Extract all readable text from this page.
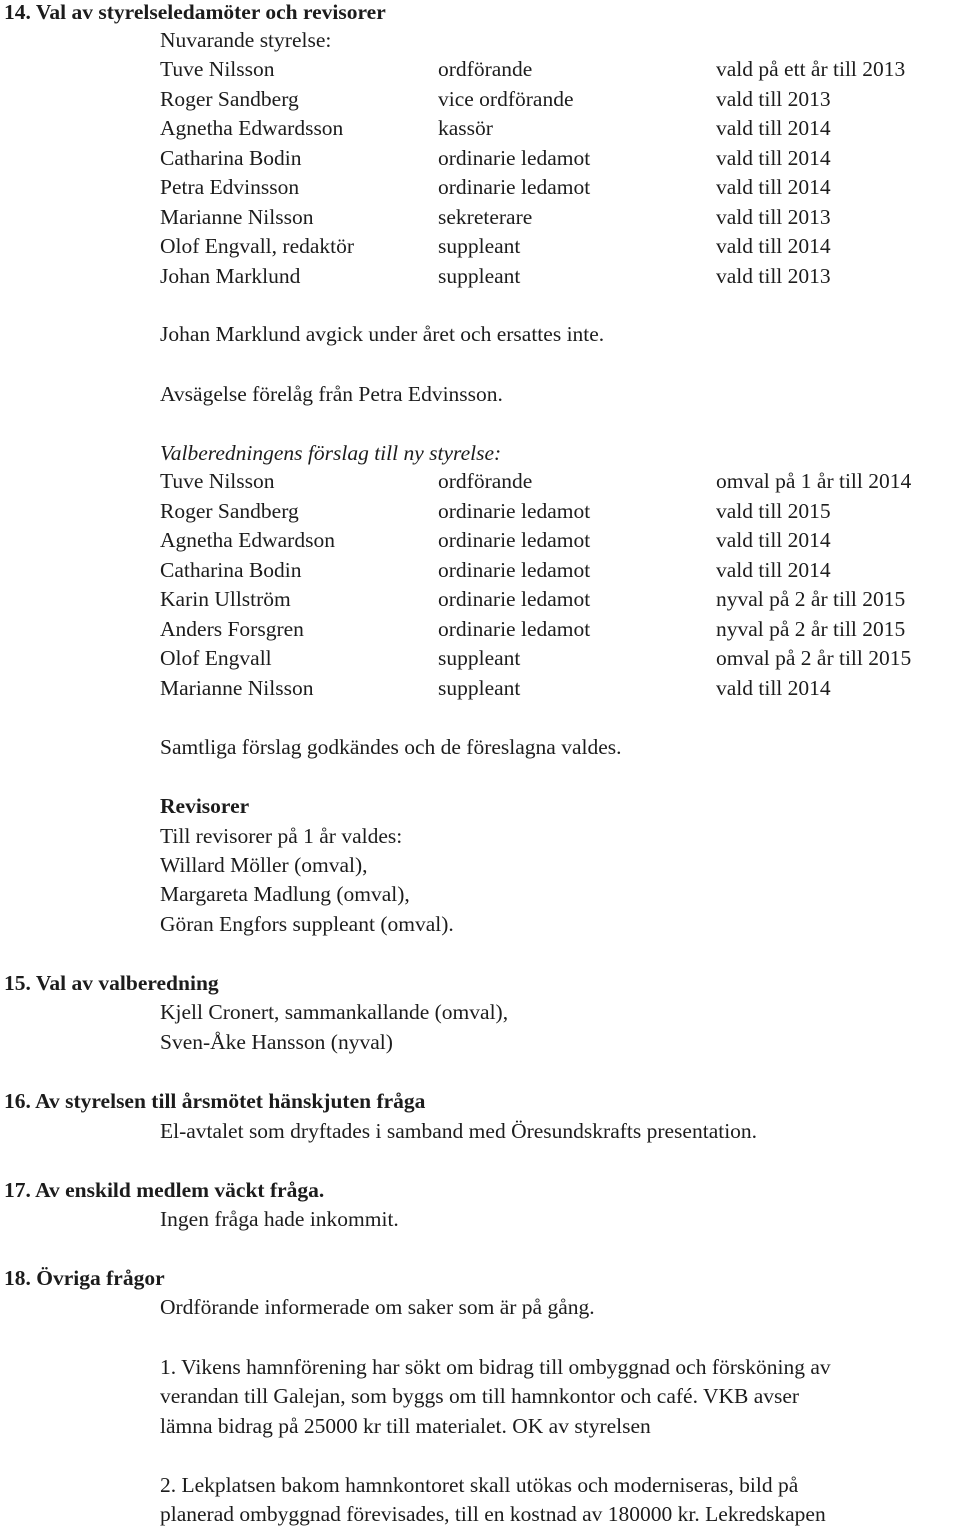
14. Val av styrelseledamöter och revisorer
Nuvarande styrelse:
Tuve Nilsson	ordförande	vald på ett år till 2013
Roger Sandberg	vice ordförande	vald till 2013
Agnetha Edwardsson	kassör	vald till 2014
Catharina Bodin	ordinarie ledamot	vald till 2014
Petra Edvinsson	ordinarie ledamot	vald till 2014
Marianne Nilsson	sekreterare	vald till 2013
Olof Engvall, redaktör	suppleant	vald till 2014
Johan Marklund	suppleant	vald till 2013
Johan Marklund avgick under året och ersattes inte.
Avsägelse förelåg från Petra Edvinsson.
Valberedningens förslag till ny styrelse:
Tuve Nilsson	ordförande	omval på 1 år till 2014
Roger Sandberg	ordinarie ledamot	vald till 2015
Agnetha Edwardson	ordinarie ledamot	vald till 2014
Catharina Bodin	ordinarie ledamot	vald till 2014
Karin Ullström	ordinarie ledamot	nyval på 2 år till 2015
Anders Forsgren	ordinarie ledamot	nyval på 2 år till 2015
Olof Engvall	suppleant	omval på 2 år till 2015
Marianne Nilsson	suppleant	vald till 2014
Samtliga förslag godkändes och de föreslagna valdes.
Revisorer
Till revisorer på 1 år valdes:
Willard Möller (omval),
Margareta Madlung (omval),
Göran Engfors suppleant (omval).
15. Val av valberedning
Kjell Cronert, sammankallande (omval),
Sven-Åke Hansson (nyval)
16. Av styrelsen till årsmötet hänskjuten fråga
El-avtalet som dryftades i samband med Öresundskrafts presentation.
17. Av enskild medlem väckt fråga.
Ingen fråga hade inkommit.
18. Övriga frågor
Ordförande informerade om saker som är på gång.
1. Vikens hamnförening har sökt om bidrag till ombyggnad och försköning av
verandan till Galejan, som byggs om till hamnkontor och café. VKB avser
lämna bidrag på 25000 kr till materialet. OK av styrelsen
2. Lekplatsen bakom hamnkontoret skall utökas och moderniseras, bild på
planerad ombyggnad förevisades, till en kostnad av 180000 kr. Lekredskapen
